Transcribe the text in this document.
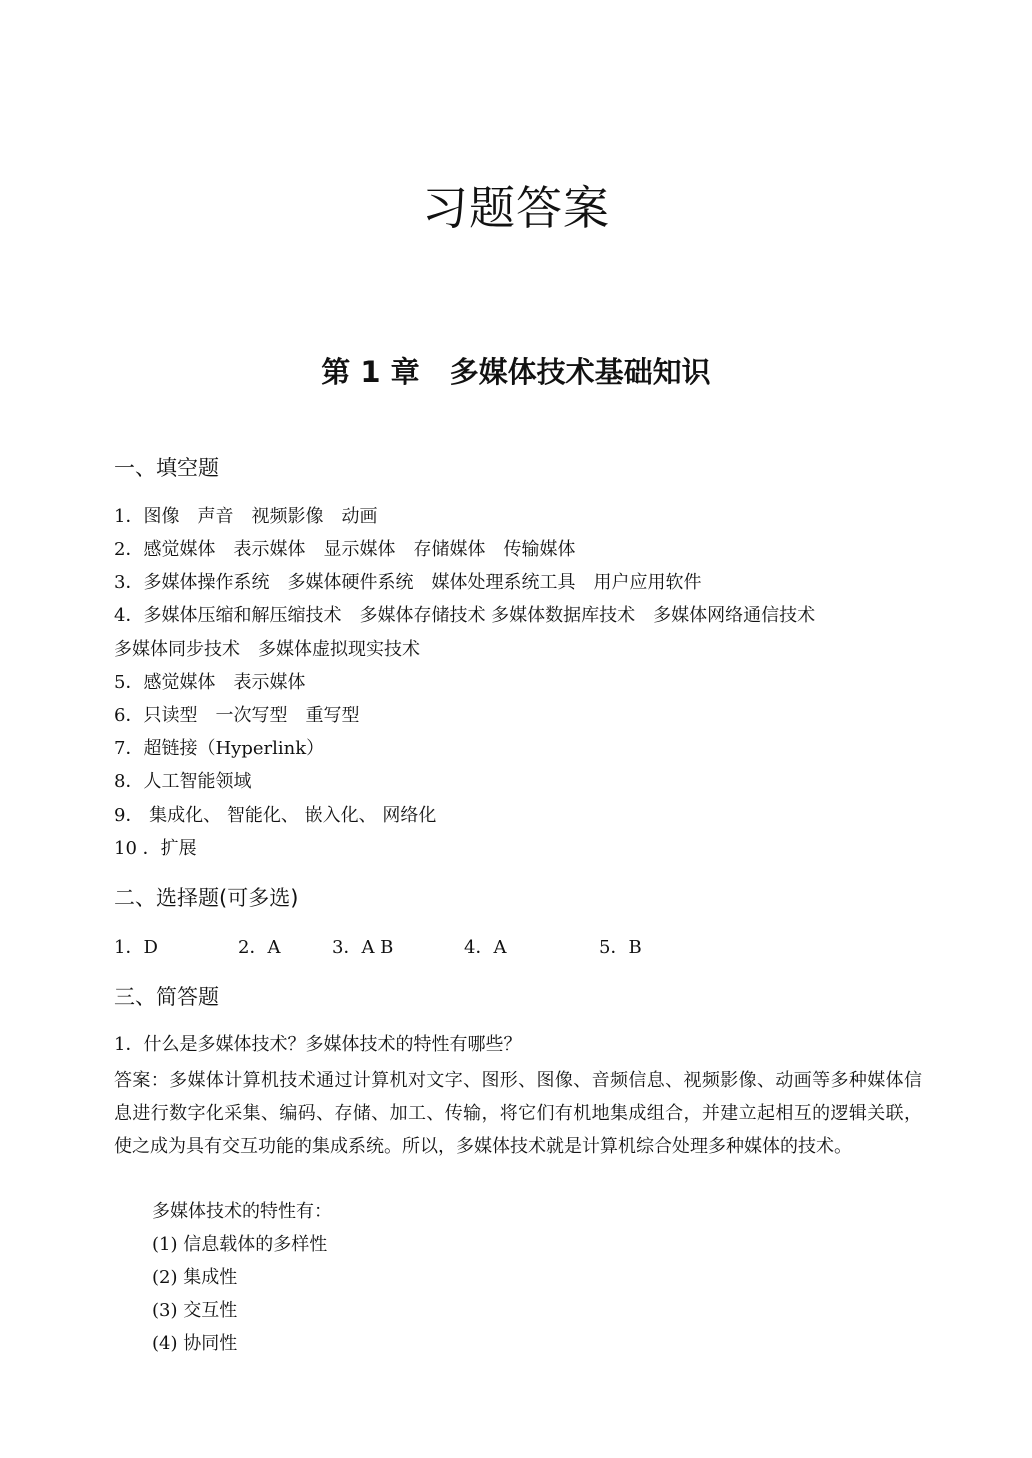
习题答案
第 1 章 多媒体技术基础知识
一、填空题
1．图像　声音　视频影像　动画
2．感觉媒体　表示媒体　显示媒体　存储媒体　传输媒体
3．多媒体操作系统　多媒体硬件系统　媒体处理系统工具　用户应用软件
4．多媒体压缩和解压缩技术　多媒体存储技术 多媒体数据库技术　多媒体网络通信技术
多媒体同步技术　多媒体虚拟现实技术
5．感觉媒体　表示媒体
6．只读型　一次写型　重写型
7．超链接（Hyperlink）
8．人工智能领域
9． 集成化、 智能化、 嵌入化、 网络化
10 ．扩展
二、选择题(可多选)
1．D	2．A	3．A B	4．A	5．B
三、简答题
1．什么是多媒体技术？多媒体技术的特性有哪些？
答案：多媒体计算机技术通过计算机对文字、图形、图像、音频信息、视频影像、动画等多种媒体信息进行数字化采集、编码、存储、加工、传输，将它们有机地集成组合，并建立起相互的逻辑关联，使之成为具有交互功能的集成系统。所以，多媒体技术就是计算机综合处理多种媒体的技术。
多媒体技术的特性有：
(1) 信息载体的多样性
(2) 集成性
(3) 交互性
(4) 协同性
